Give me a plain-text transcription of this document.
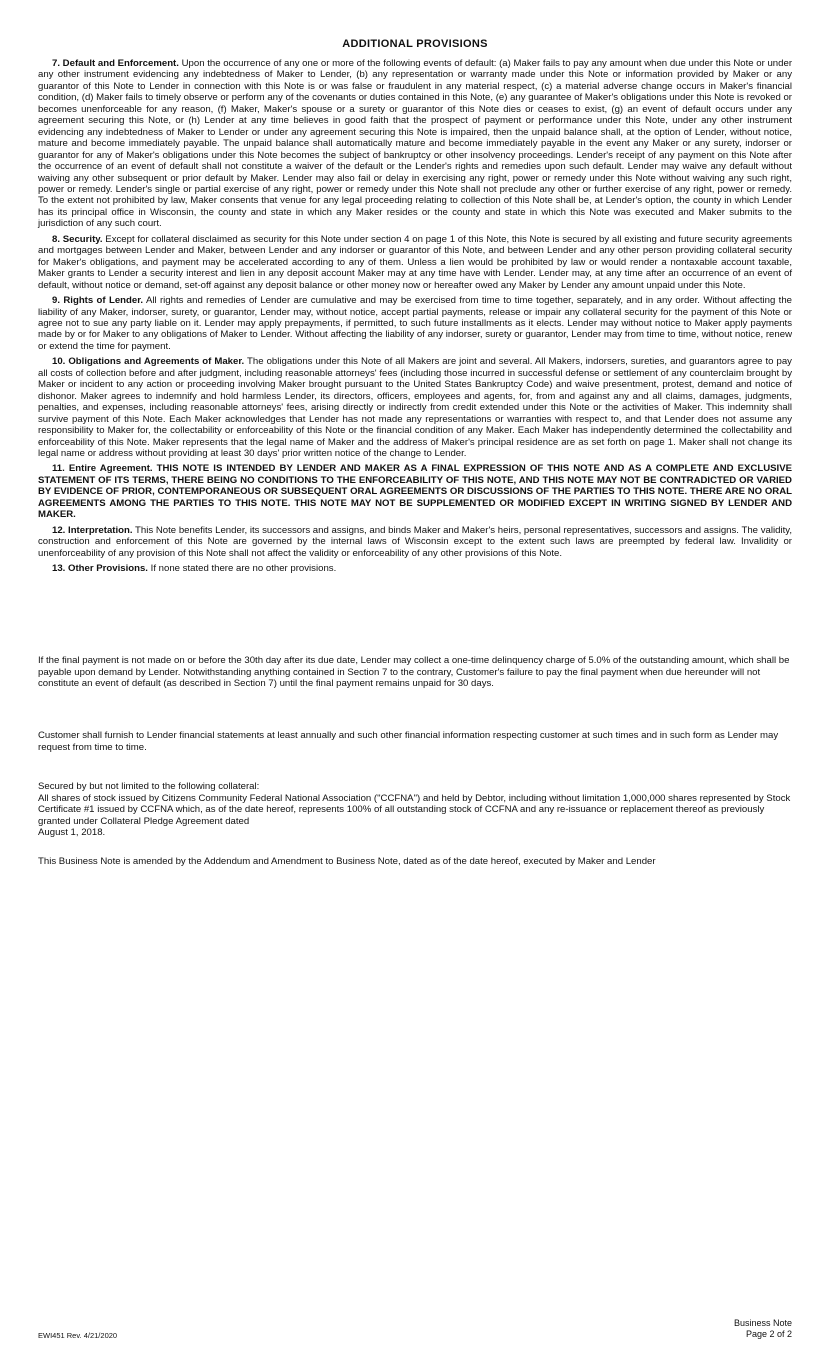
ADDITIONAL PROVISIONS

7. Default and Enforcement. Upon the occurrence of any one or more of the following events of default: (a) Maker fails to pay any amount when due under this Note or under any other instrument evidencing any indebtedness of Maker to Lender, (b) any representation or warranty made under this Note or information provided by Maker or any guarantor of this Note to Lender in connection with this Note is or was false or fraudulent in any material respect, (c) a material adverse change occurs in Maker's financial condition, (d) Maker fails to timely observe or perform any of the covenants or duties contained in this Note, (e) any guarantee of Maker's obligations under this Note is revoked or becomes unenforceable for any reason, (f) Maker, Maker's spouse or a surety or guarantor of this Note dies or ceases to exist, (g) an event of default occurs under any agreement securing this Note, or (h) Lender at any time believes in good faith that the prospect of payment or performance under this Note, under any other instrument evidencing any indebtedness of Maker to Lender or under any agreement securing this Note is impaired, then the unpaid balance shall, at the option of Lender, without notice, mature and become immediately payable. The unpaid balance shall automatically mature and become immediately payable in the event any Maker or any surety, indorser or guarantor for any of Maker's obligations under this Note becomes the subject of bankruptcy or other insolvency proceedings. Lender's receipt of any payment on this Note after the occurrence of an event of default shall not constitute a waiver of the default or the Lender's rights and remedies upon such default. Lender may waive any default without waiving any other subsequent or prior default by Maker. Lender may also fail or delay in exercising any right, power or remedy under this Note without waiving any such right, power or remedy. Lender's single or partial exercise of any right, power or remedy under this Note shall not preclude any other or further exercise of any right, power or remedy. To the extent not prohibited by law, Maker consents that venue for any legal proceeding relating to collection of this Note shall be, at Lender's option, the county in which Lender has its principal office in Wisconsin, the county and state in which any Maker resides or the county and state in which this Note was executed and Maker submits to the jurisdiction of any such court.

8. Security. Except for collateral disclaimed as security for this Note under section 4 on page 1 of this Note, this Note is secured by all existing and future security agreements and mortgages between Lender and Maker, between Lender and any indorser or guarantor of this Note, and between Lender and any other person providing collateral security for Maker's obligations, and payment may be accelerated according to any of them. Unless a lien would be prohibited by law or would render a nontaxable account taxable, Maker grants to Lender a security interest and lien in any deposit account Maker may at any time have with Lender. Lender may, at any time after an occurrence of an event of default, without notice or demand, set-off against any deposit balance or other money now or hereafter owed any Maker by Lender any amount unpaid under this Note.

9. Rights of Lender. All rights and remedies of Lender are cumulative and may be exercised from time to time together, separately, and in any order. Without affecting the liability of any Maker, indorser, surety, or guarantor, Lender may, without notice, accept partial payments, release or impair any collateral security for the payment of this Note or agree not to sue any party liable on it. Lender may apply prepayments, if permitted, to such future installments as it elects. Lender may without notice to Maker apply payments made by or for Maker to any obligations of Maker to Lender. Without affecting the liability of any indorser, surety or guarantor, Lender may from time to time, without notice, renew or extend the time for payment.

10. Obligations and Agreements of Maker. The obligations under this Note of all Makers are joint and several. All Makers, indorsers, sureties, and guarantors agree to pay all costs of collection before and after judgment, including reasonable attorneys' fees (including those incurred in successful defense or settlement of any counterclaim brought by Maker or incident to any action or proceeding involving Maker brought pursuant to the United States Bankruptcy Code) and waive presentment, protest, demand and notice of dishonor. Maker agrees to indemnify and hold harmless Lender, its directors, officers, employees and agents, for, from and against any and all claims, damages, judgments, penalties, and expenses, including reasonable attorneys' fees, arising directly or indirectly from credit extended under this Note or the activities of Maker. This indemnity shall survive payment of this Note. Each Maker acknowledges that Lender has not made any representations or warranties with respect to, and that Lender does not assume any responsibility to Maker for, the collectability or enforceability of this Note or the financial condition of any Maker. Each Maker has independently determined the collectability and enforceability of this Note. Maker represents that the legal name of Maker and the address of Maker's principal residence are as set forth on page 1. Maker shall not change its legal name or address without providing at least 30 days' prior written notice of the change to Lender.

11. Entire Agreement. THIS NOTE IS INTENDED BY LENDER AND MAKER AS A FINAL EXPRESSION OF THIS NOTE AND AS A COMPLETE AND EXCLUSIVE STATEMENT OF ITS TERMS, THERE BEING NO CONDITIONS TO THE ENFORCEABILITY OF THIS NOTE, AND THIS NOTE MAY NOT BE CONTRADICTED OR VARIED BY EVIDENCE OF PRIOR, CONTEMPORANEOUS OR SUBSEQUENT ORAL AGREEMENTS OR DISCUSSIONS OF THE PARTIES TO THIS NOTE. THERE ARE NO ORAL AGREEMENTS AMONG THE PARTIES TO THIS NOTE. THIS NOTE MAY NOT BE SUPPLEMENTED OR MODIFIED EXCEPT IN WRITING SIGNED BY LENDER AND MAKER.

12. Interpretation. This Note benefits Lender, its successors and assigns, and binds Maker and Maker's heirs, personal representatives, successors and assigns. The validity, construction and enforcement of this Note are governed by the internal laws of Wisconsin except to the extent such laws are preempted by federal law. Invalidity or unenforceability of any provision of this Note shall not affect the validity or enforceability of any other provisions of this Note.

13. Other Provisions. If none stated there are no other provisions.

If the final payment is not made on or before the 30th day after its due date, Lender may collect a one-time delinquency charge of 5.0% of the outstanding amount, which shall be payable upon demand by Lender. Notwithstanding anything contained in Section 7 to the contrary, Customer's failure to pay the final payment when due hereunder will not constitute an event of default (as described in Section 7) until the final payment remains unpaid for 30 days.

Customer shall furnish to Lender financial statements at least annually and such other financial information respecting customer at such times and in such form as Lender may request from time to time.

Secured by but not limited to the following collateral:

All shares of stock issued by Citizens Community Federal National Association ("CCFNA") and held by Debtor, including without limitation 1,000,000 shares represented by Stock Certificate #1 issued by CCFNA which, as of the date hereof, represents 100% of all outstanding stock of CCFNA and any re-issuance or replacement thereof as previously granted under Collateral Pledge Agreement dated

August 1, 2018.

This Business Note is amended by the Addendum and Amendment to Business Note, dated as of the date hereof, executed by Maker and Lender

EWI451 Rev. 4/21/2020
Business Note
Page 2 of 2
